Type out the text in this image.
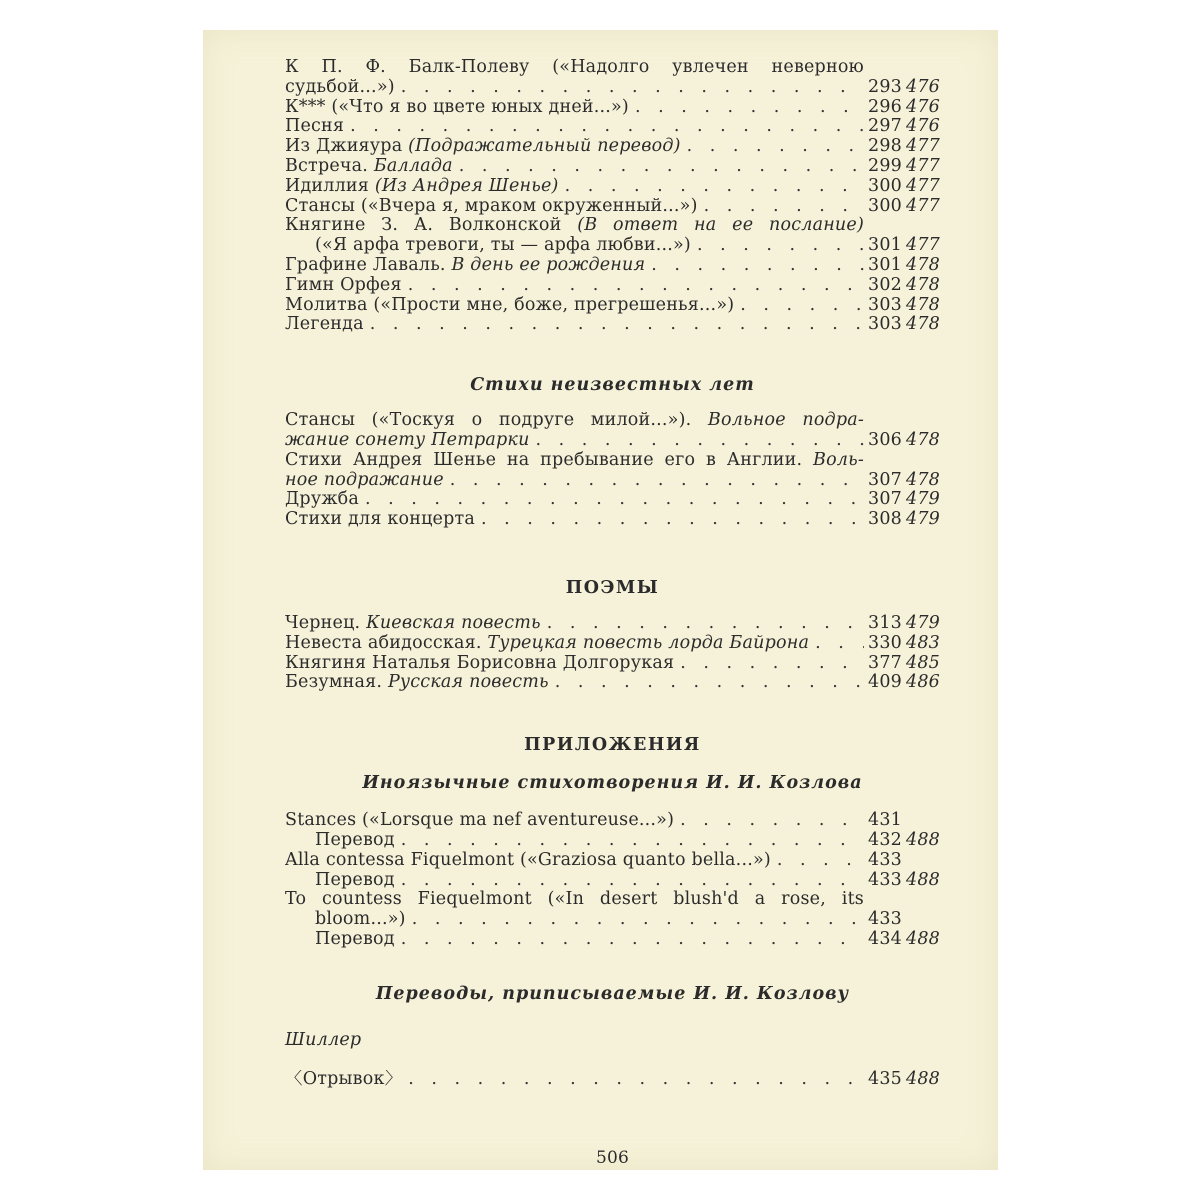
К П. Ф. Балк-Полеву («Надолго увлечен неверною
судьбой...») . . .	293 476
К*** («Что я во цвете юных дней...») . . .	296 476
Песня . . .	297 476
Из Джияура (Подражательный перевод) . . .	298 477
Встреча. Баллада . . .	299 477
Идиллия (Из Андрея Шенье) . . .	300 477
Стансы («Вчера я, мраком окруженный...») . . .	300 477
Княгине З. А. Волконской (В ответ на ее послание)
(«Я арфа тревоги, ты — арфа любви...») . . .	301 477
Графине Лаваль. В день ее рождения . . .	301 478
Гимн Орфея . . .	302 478
Молитва («Прости мне, боже, прегрешенья...») . . .	303 478
Легенда . . .	303 478
Стихи неизвестных лет
Стансы («Тоскуя о подруге милой...»). Вольное подра-
жание сонету Петрарки . . .	306 478
Стихи Андрея Шенье на пребывание его в Англии. Воль-
ное подражание . . .	307 478
Дружба . . .	307 479
Стихи для концерта . . .	308 479
ПОЭМЫ
Чернец. Киевская повесть . . .	313 479
Невеста абидосская. Турецкая повесть лорда Байрона . . .	330 483
Княгиня Наталья Борисовна Долгорукая . . .	377 485
Безумная. Русская повесть . . .	409 486
ПРИЛОЖЕНИЯ
Иноязычные стихотворения И. И. Козлова
Stances («Lorsque ma nef aventureuse...») . . .	431
Перевод . . .	432 488
Alla contessa Fiquelmont («Graziosa quanto bella...») . . .	433
Перевод . . .	433 488
To countess Fiequelmont («In desert blush'd a rose, its
bloom...») . . .	433
Перевод . . .	434 488
Переводы, приписываемые И. И. Козлову
Шиллер
〈Отрывок〉 . . .	435 488
506
